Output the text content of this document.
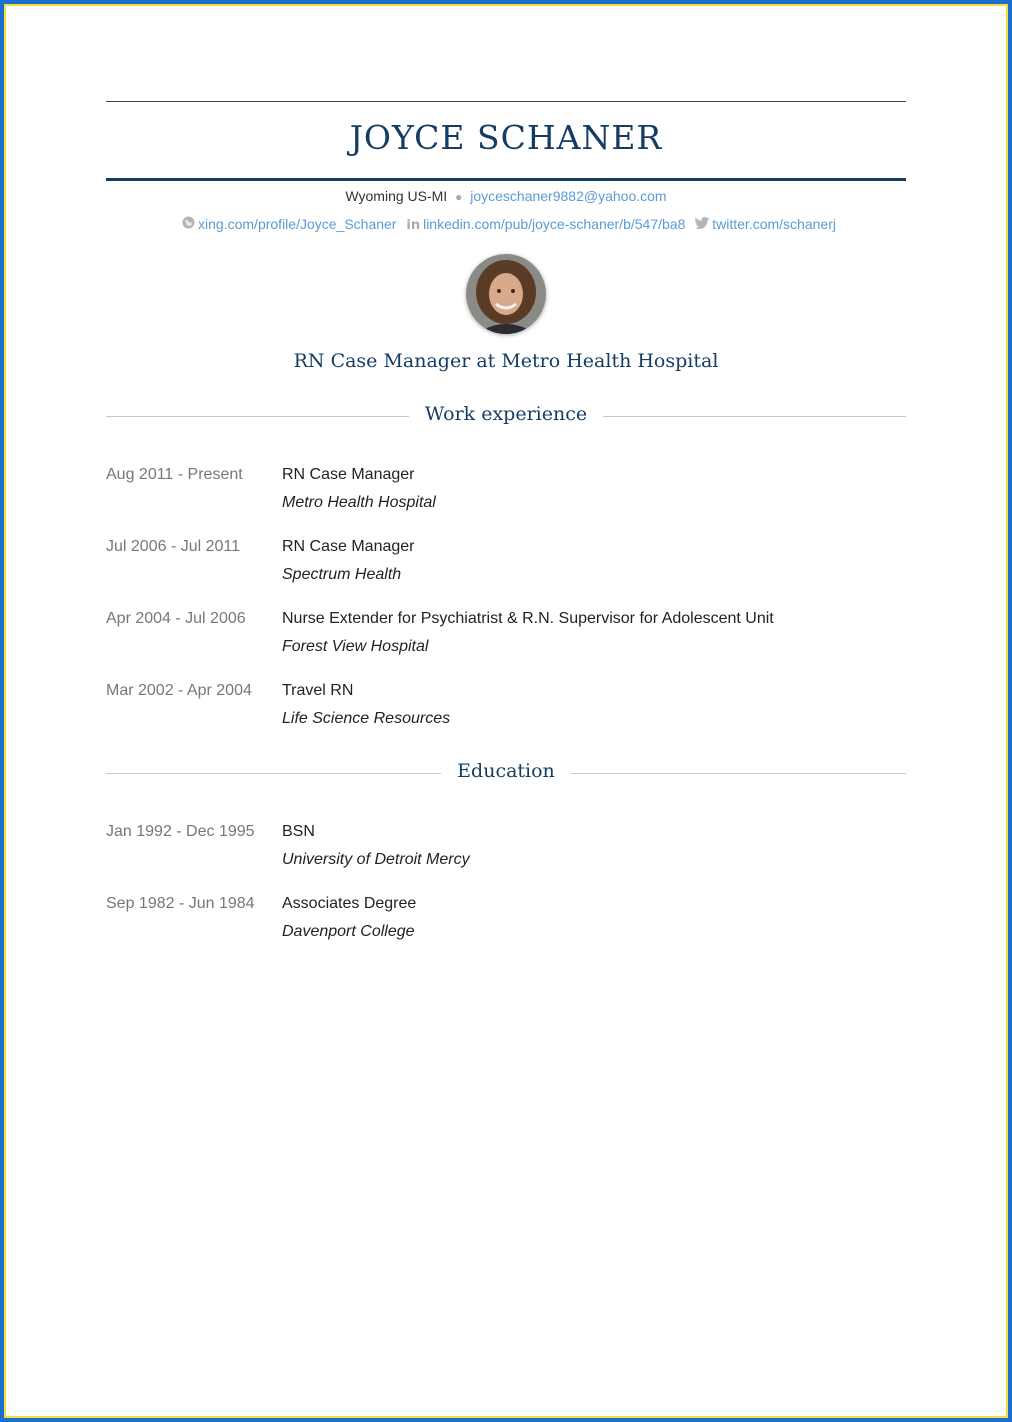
JOYCE SCHANER
Wyoming US-MI ● joyceschaner9882@yahoo.com
xing.com/profile/Joyce_Schaner in linkedin.com/pub/joyce-schaner/b/547/ba8 twitter.com/schanerj
RN Case Manager at Metro Health Hospital
Work experience
Aug 2011 - Present RN Case Manager
Metro Health Hospital
Jul 2006 - Jul 2011	RN Case Manager
Spectrum Health
Apr 2004 - Jul 2006 Nurse Extender for Psychiatrist & R.N. Supervisor for Adolescent Unit
Forest View Hospital
Mar 2002 - Apr 2004 Travel RN
Life Science Resources
Education
Jan 1992 - Dec 1995 BSN
University of Detroit Mercy
Sep 1982 - Jun 1984 Associates Degree
Davenport College
